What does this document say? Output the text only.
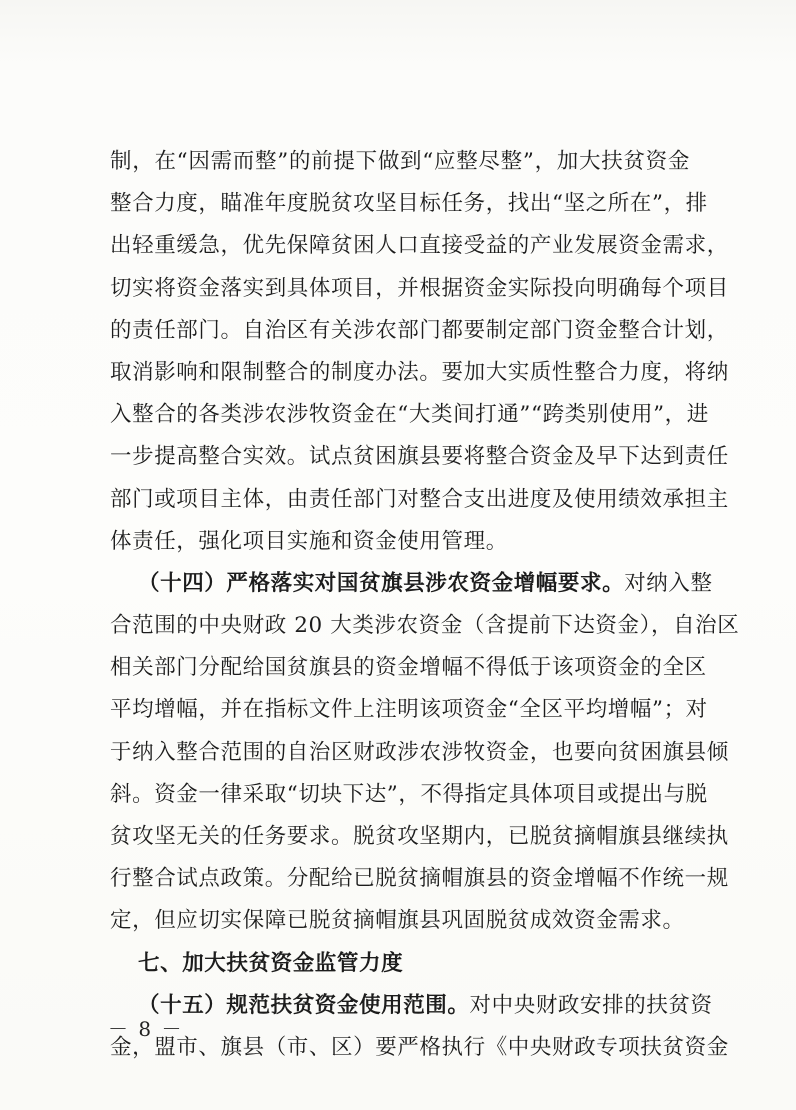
制，在“因需而整”的前提下做到“应整尽整”，加大扶贫资金
整合力度，瞄准年度脱贫攻坚目标任务，找出“坚之所在”，排
出轻重缓急，优先保障贫困人口直接受益的产业发展资金需求，
切实将资金落实到具体项目，并根据资金实际投向明确每个项目
的责任部门。自治区有关涉农部门都要制定部门资金整合计划，
取消影响和限制整合的制度办法。要加大实质性整合力度，将纳
入整合的各类涉农涉牧资金在“大类间打通”“跨类别使用”，进
一步提高整合实效。试点贫困旗县要将整合资金及早下达到责任
部门或项目主体，由责任部门对整合支出进度及使用绩效承担主
体责任，强化项目实施和资金使用管理。
（十四）严格落实对国贫旗县涉农资金增幅要求。对纳入整
合范围的中央财政 20 大类涉农资金（含提前下达资金），自治区
相关部门分配给国贫旗县的资金增幅不得低于该项资金的全区
平均增幅，并在指标文件上注明该项资金“全区平均增幅”；对
于纳入整合范围的自治区财政涉农涉牧资金，也要向贫困旗县倾
斜。资金一律采取“切块下达”，不得指定具体项目或提出与脱
贫攻坚无关的任务要求。脱贫攻坚期内，已脱贫摘帽旗县继续执
行整合试点政策。分配给已脱贫摘帽旗县的资金增幅不作统一规
定，但应切实保障已脱贫摘帽旗县巩固脱贫成效资金需求。
七、加大扶贫资金监管力度
（十五）规范扶贫资金使用范围。对中央财政安排的扶贫资
金，盟市、旗县（市、区）要严格执行《中央财政专项扶贫资金
－ 8 －
